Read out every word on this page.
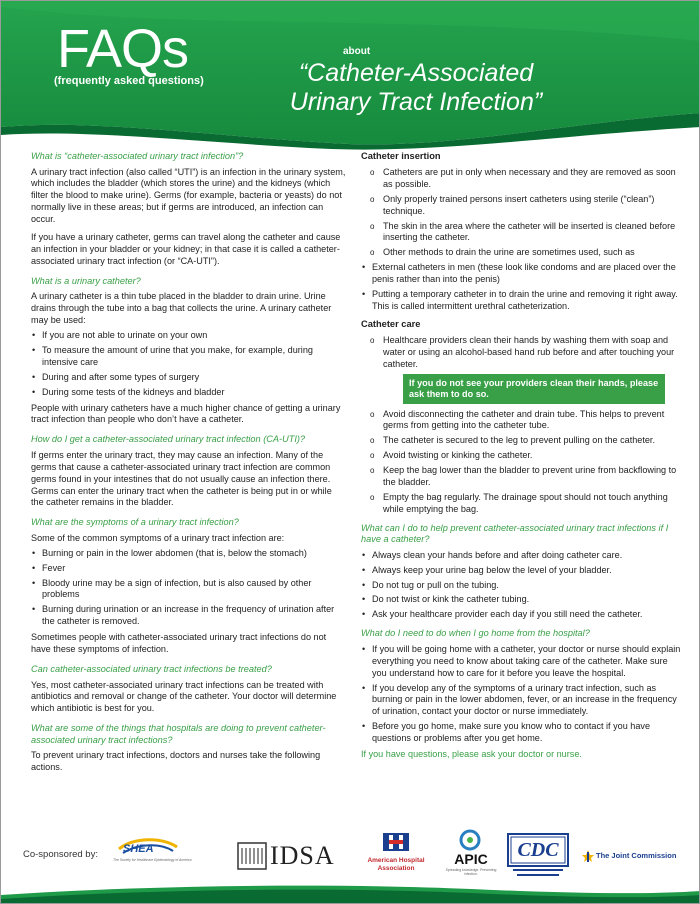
FAQs
(frequently asked questions)
about
“Catheter-Associated
Urinary Tract Infection”
What is “catheter-associated urinary tract infection”?

A urinary tract infection (also called “UTI”) is an infection in the urinary system, which includes the bladder (which stores the urine) and the kidneys (which filter the blood to make urine). Germs (for example, bacteria or yeasts) do not normally live in these areas; but if germs are introduced, an infection can occur.

If you have a urinary catheter, germs can travel along the catheter and cause an infection in your bladder or your kidney; in that case it is called a catheter-associated urinary tract infection (or “CA-UTI”).

What is a urinary catheter?

A urinary catheter is a thin tube placed in the bladder to drain urine. Urine drains through the tube into a bag that collects the urine. A urinary catheter may be used:

• If you are not able to urinate on your own
• To measure the amount of urine that you make, for example, during intensive care
• During and after some types of surgery
• During some tests of the kidneys and bladder

People with urinary catheters have a much higher chance of getting a urinary tract infection than people who don’t have a catheter.

How do I get a catheter-associated urinary tract infection (CA-UTI)?

If germs enter the urinary tract, they may cause an infection. Many of the germs that cause a catheter-associated urinary tract infection are common germs found in your intestines that do not usually cause an infection there. Germs can enter the urinary tract when the catheter is being put in or while the catheter remains in the bladder.

What are the symptoms of a urinary tract infection?

Some of the common symptoms of a urinary tract infection are:

• Burning or pain in the lower abdomen (that is, below the stomach)
• Fever
• Bloody urine may be a sign of infection, but is also caused by other problems
• Burning during urination or an increase in the frequency of urination after the catheter is removed.

Sometimes people with catheter-associated urinary tract infections do not have these symptoms of infection.

Can catheter-associated urinary tract infections be treated?

Yes, most catheter-associated urinary tract infections can be treated with antibiotics and removal or change of the catheter. Your doctor will determine which antibiotic is best for you.

What are some of the things that hospitals are doing to prevent catheter-associated urinary tract infections?

To prevent urinary tract infections, doctors and nurses take the following actions.

Catheter insertion
o Catheters are put in only when necessary and they are removed as soon as possible.
o Only properly trained persons insert catheters using sterile (“clean”) technique.
o The skin in the area where the catheter will be inserted is cleaned before inserting the catheter.
o Other methods to drain the urine are sometimes used, such as
• External catheters in men (these look like condoms and are placed over the penis rather than into the penis)
• Putting a temporary catheter in to drain the urine and removing it right away. This is called intermittent urethral catheterization.
Catheter care
o Healthcare providers clean their hands by washing them with soap and water or using an alcohol-based hand rub before and after touching your catheter.
If you do not see your providers clean their hands, please ask them to do so.
o Avoid disconnecting the catheter and drain tube. This helps to prevent germs from getting into the catheter tube.
o The catheter is secured to the leg to prevent pulling on the catheter.
o Avoid twisting or kinking the catheter.
o Keep the bag lower than the bladder to prevent urine from backflowing to the bladder.
o Empty the bag regularly. The drainage spout should not touch anything while emptying the bag.
What can I do to help prevent catheter-associated urinary tract infections if I have a catheter?
• Always clean your hands before and after doing catheter care.
• Always keep your urine bag below the level of your bladder.
• Do not tug or pull on the tubing.
• Do not twist or kink the catheter tubing.
• Ask your healthcare provider each day if you still need the catheter.
What do I need to do when I go home from the hospital?
• If you will be going home with a catheter, your doctor or nurse should explain everything you need to know about taking care of the catheter. Make sure you understand how to care for it before you leave the hospital.
• If you develop any of the symptoms of a urinary tract infection, such as burning or pain in the lower abdomen, fever, or an increase in the frequency of urination, contact your doctor or nurse immediately.
• Before you go home, make sure you know who to contact if you have questions or problems after you get home.

If you have questions, please ask your doctor or nurse.

Co-sponsored by: SHEA
The Society for Healthcare Epidemiology of America	IDSA	American Hospital
Association
APIC
Spreading knowledge. Preventing infection.
CDC	The Joint Commission
